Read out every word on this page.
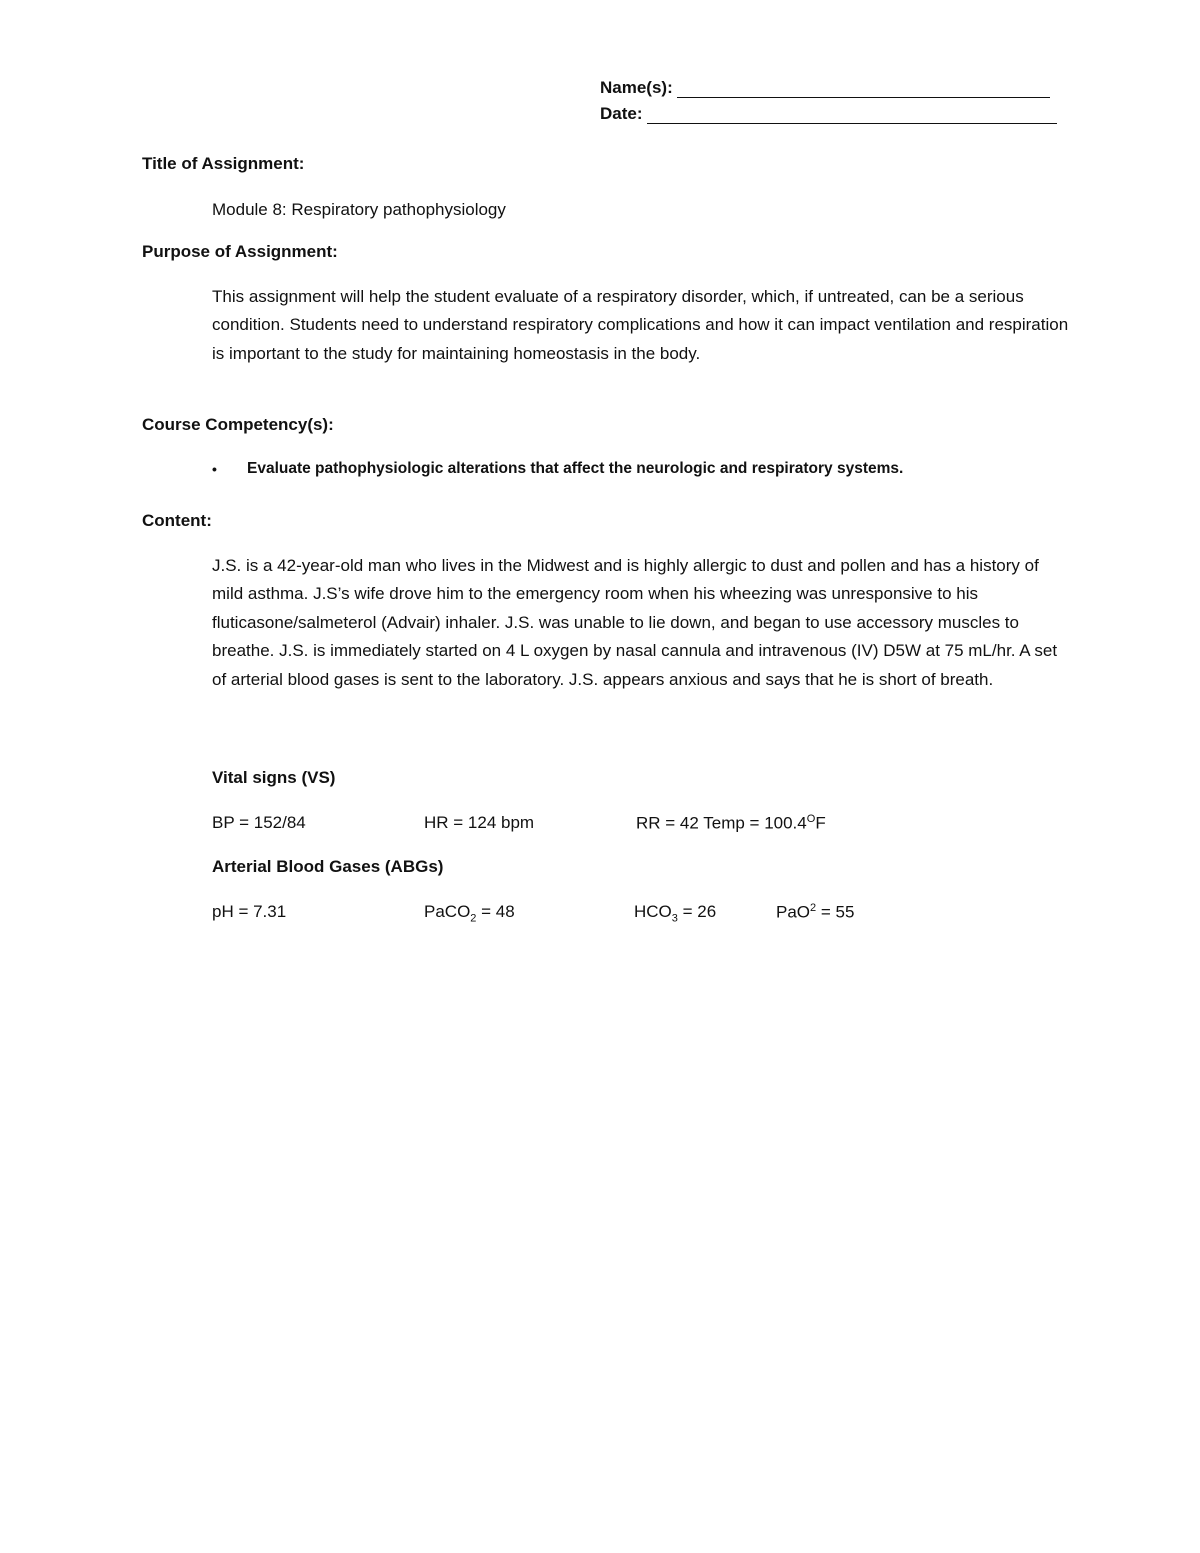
Name(s):
Date:
Title of Assignment:
Module 8: Respiratory pathophysiology
Purpose of Assignment:
This assignment will help the student evaluate of a respiratory disorder, which, if untreated, can be a serious condition. Students need to understand respiratory complications and how it can impact ventilation and respiration is important to the study for maintaining homeostasis in the body.
Course Competency(s):
•	Evaluate pathophysiologic alterations that affect the neurologic and respiratory systems.
Content:
J.S. is a 42-year-old man who lives in the Midwest and is highly allergic to dust and pollen and has a history of mild asthma. J.S’s wife drove him to the emergency room when his wheezing was unresponsive to his fluticasone/salmeterol (Advair) inhaler. J.S. was unable to lie down, and began to use accessory muscles to breathe. J.S. is immediately started on 4 L oxygen by nasal cannula and intravenous (IV) D5W at 75 mL/hr. A set of arterial blood gases is sent to the laboratory. J.S. appears anxious and says that he is short of breath.
Vital signs (VS)
BP = 152/84	HR = 124 bpm	RR = 42 Temp = $100.4^OF$
Arterial Blood Gases (ABGs)
pH = 7.31	PaCO$_2$ = 48	$HCO_3 = 26$	PaO$^2$ = 55
